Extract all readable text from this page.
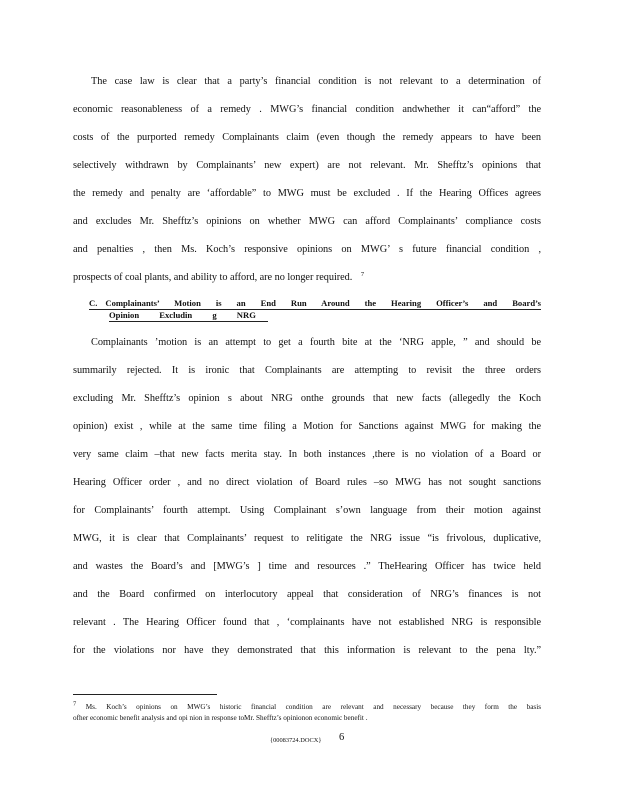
The case law is clear that a party’s financial condition is not relevant to a determination of
economic reasonableness of a remedy . MWG’s financial condition andwhether it can“afford” the
costs of the purported remedy Complainants claim (even though the remedy appears to have been
selectively withdrawn by Complainants’ new expert) are not relevant. Mr. Shefftz’s opinions that
the remedy and penalty are ‘affordable” to MWG must be excluded . If the Hearing Offices agrees
and excludes Mr. Shefftz’s opinions on whether MWG can afford Complainants’ compliance costs
and penalties , then Ms. Koch’s responsive opinions on MWG’ s future financial condition ,
prospects of coal plants, and ability to afford, are no longer required. $^7$
C. Complainants’ Motion is an End Run Around the Hearing Officer’s and Board’s
Opinion Excludin g NRG
Complainants ’motion is an attempt to get a fourth bite at the ‘NRG apple, ” and should be
summarily rejected. It is ironic that Complainants are attempting to revisit the three orders
excluding Mr. Shefftz’s opinion s about NRG onthe grounds that new facts (allegedly the Koch
opinion) exist , while at the same time filing a Motion for Sanctions against MWG for making the
very same claim –that new facts merita stay. In both instances ,there is no violation of a Board or
Hearing Officer order , and no direct violation of Board rules –so MWG has not sought sanctions
for Complainants’ fourth attempt. Using Complainant s’own language from their motion against
MWG, it is clear that Complainants’ request to relitigate the NRG issue “is frivolous, duplicative,
and wastes the Board’s and [MWG’s ] time and resources .” TheHearing Officer has twice held
and the Board confirmed on interlocutory appeal that consideration of NRG’s finances is not
relevant . The Hearing Officer found that , ‘complainants have not established NRG is responsible
for the violations nor have they demonstrated that this information is relevant to the pena lty.”
7 Ms. Koch’s opinions on MWG’s historic financial condition are relevant and necessary because they form the basis
ofher economic benefit analysis and opi nion in response toMr. Shefftz’s opinionon economic benefit .
{00083724.DOCX} 6
